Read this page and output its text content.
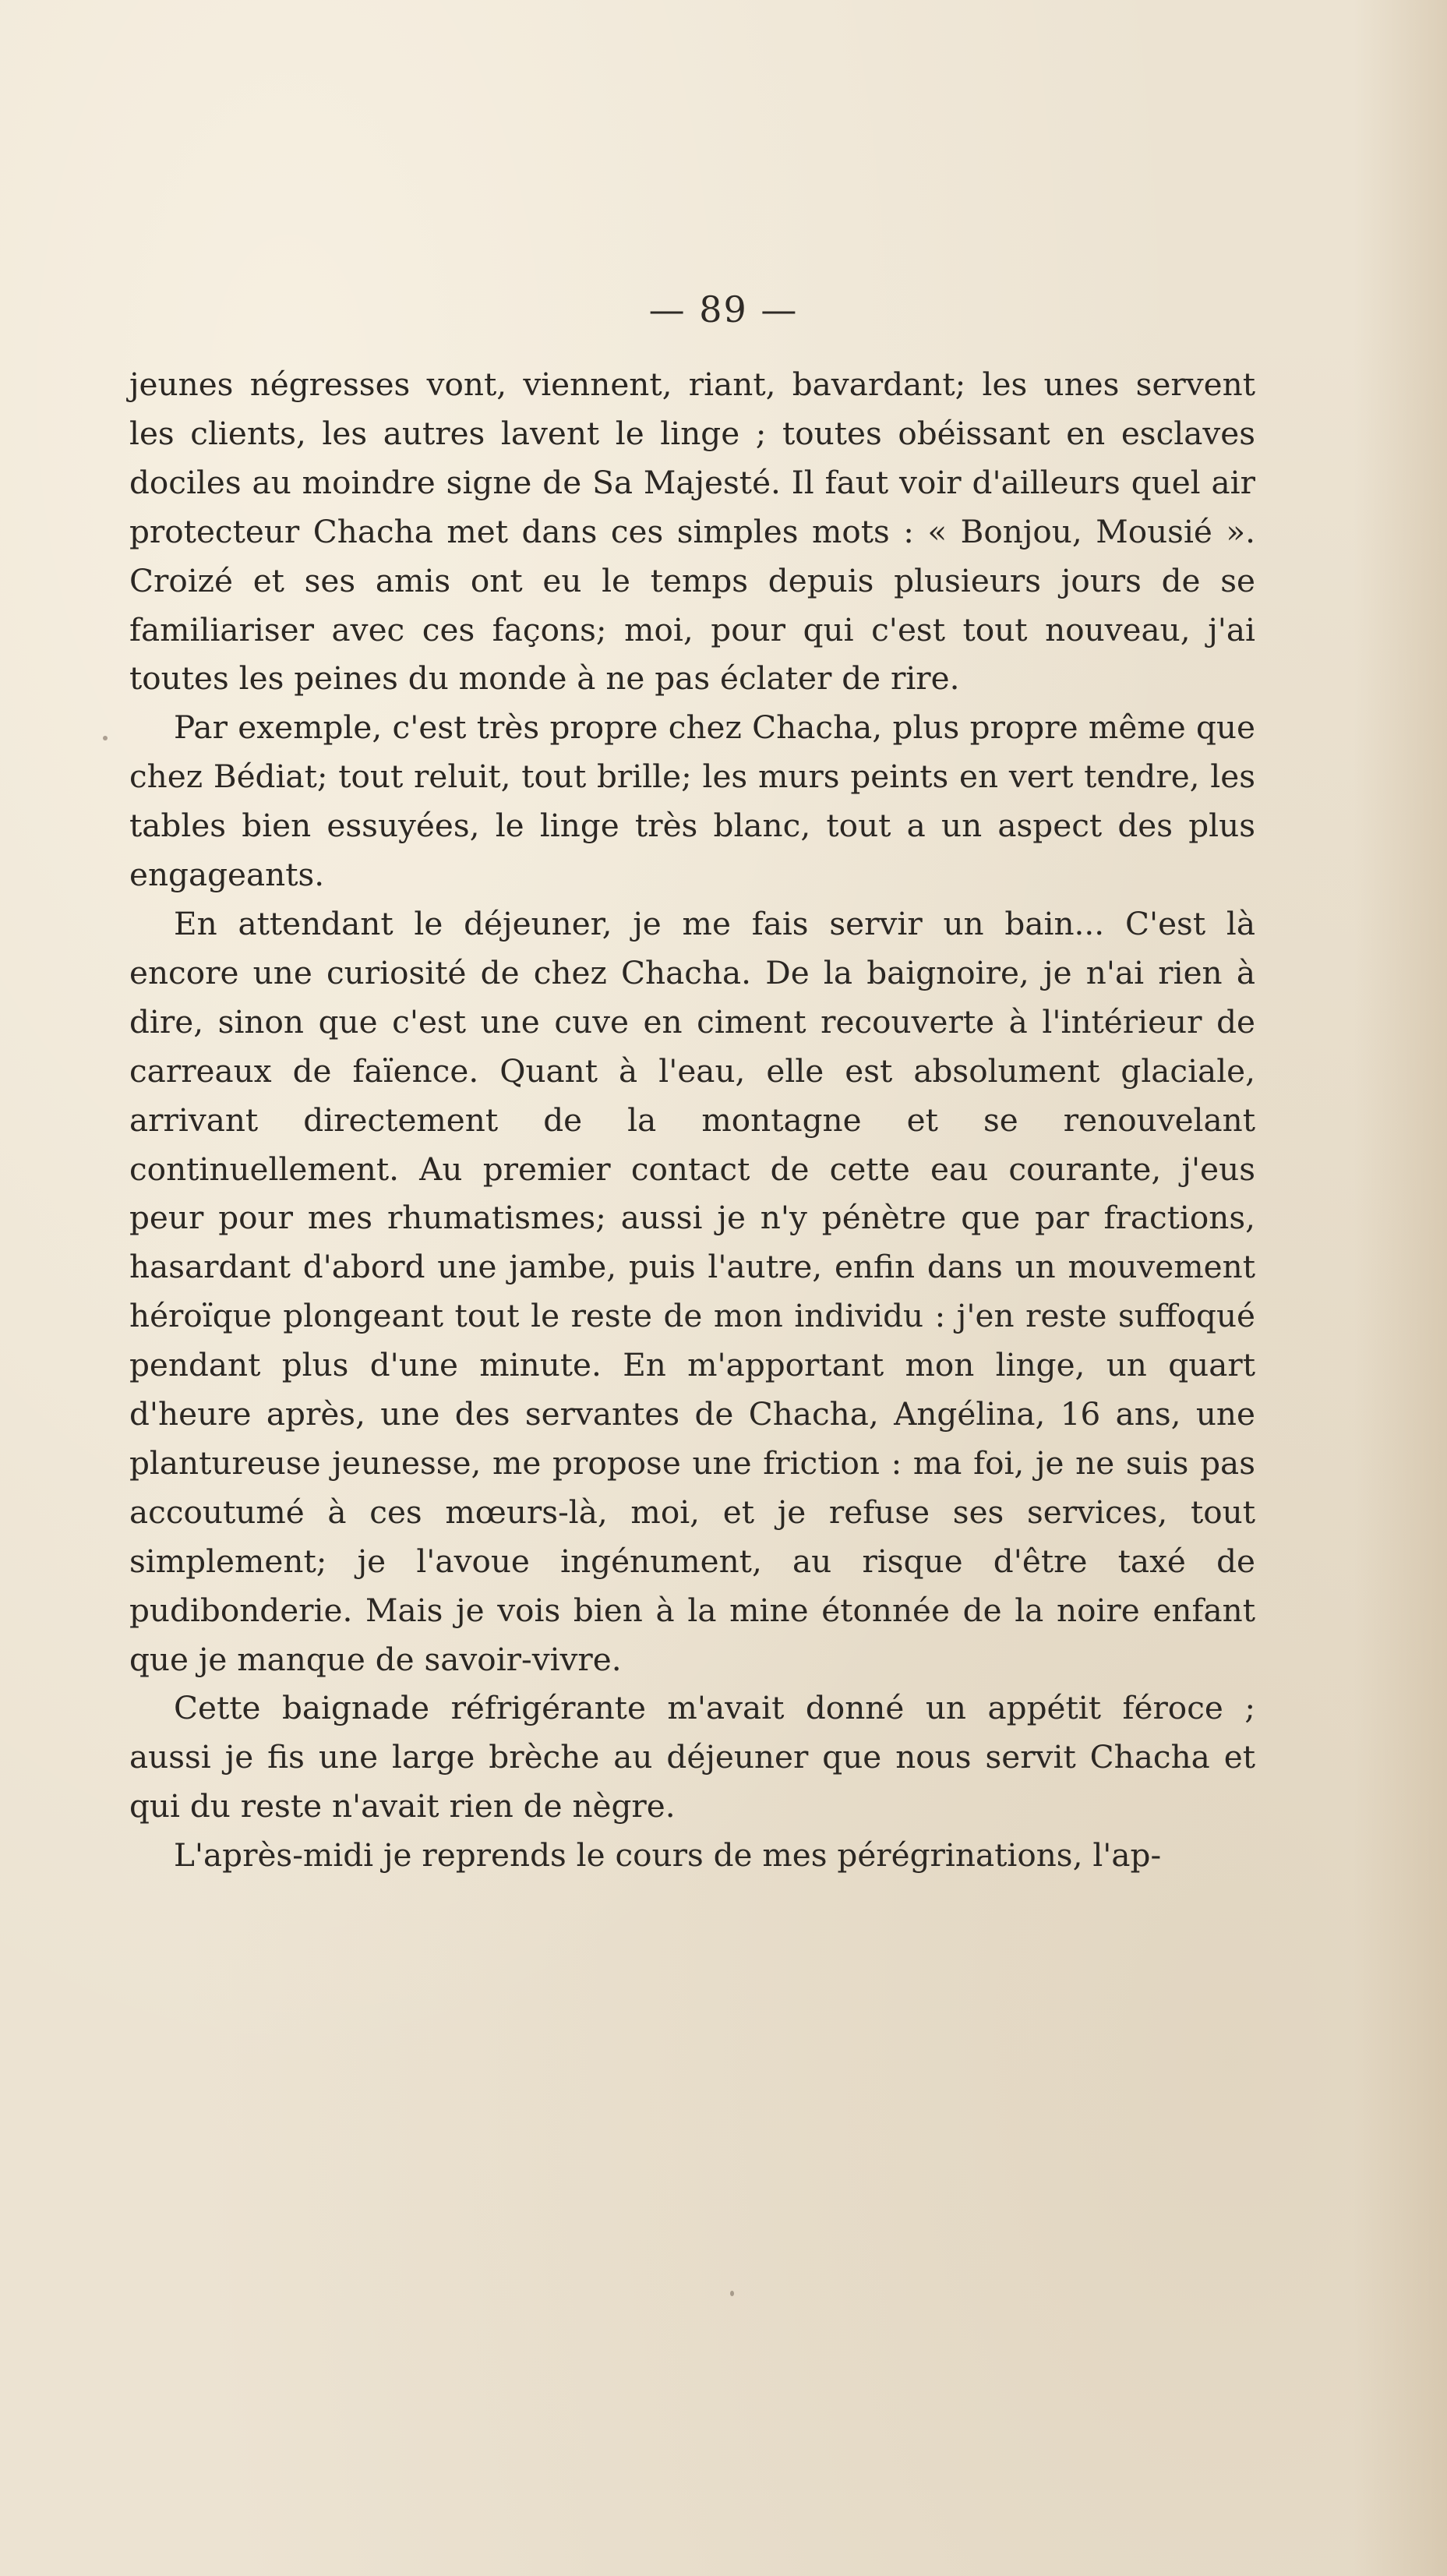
— 89 —

jeunes négresses vont, viennent, riant, bavardant; les unes servent les clients, les autres lavent le linge ; toutes obéissant en esclaves dociles au moindre signe de Sa Majesté. Il faut voir d'ailleurs quel air protecteur Chacha met dans ces simples mots : « Bonjou, Mousié ». Croizé et ses amis ont eu le temps depuis plusieurs jours de se familiariser avec ces façons; moi, pour qui c'est tout nouveau, j'ai toutes les peines du monde à ne pas éclater de rire.

Par exemple, c'est très propre chez Chacha, plus propre même que chez Bédiat; tout reluit, tout brille; les murs peints en vert tendre, les tables bien essuyées, le linge très blanc, tout a un aspect des plus engageants.

En attendant le déjeuner, je me fais servir un bain... C'est là encore une curiosité de chez Chacha. De la baignoire, je n'ai rien à dire, sinon que c'est une cuve en ciment recouverte à l'intérieur de carreaux de faïence. Quant à l'eau, elle est absolument glaciale, arrivant directement de la montagne et se renouvelant continuellement. Au premier contact de cette eau courante, j'eus peur pour mes rhumatismes; aussi je n'y pénètre que par fractions, hasardant d'abord une jambe, puis l'autre, enfin dans un mouvement héroïque plongeant tout le reste de mon individu : j'en reste suffoqué pendant plus d'une minute. En m'apportant mon linge, un quart d'heure après, une des servantes de Chacha, Angélina, 16 ans, une plantureuse jeunesse, me propose une friction : ma foi, je ne suis pas accoutumé à ces mœurs-là, moi, et je refuse ses services, tout simplement; je l'avoue ingénument, au risque d'être taxé de pudibonderie. Mais je vois bien à la mine étonnée de la noire enfant que je manque de savoir-vivre.

Cette baignade réfrigérante m'avait donné un appétit féroce ; aussi je fis une large brèche au déjeuner que nous servit Chacha et qui du reste n'avait rien de nègre.

L'après-midi je reprends le cours de mes pérégrinations, l'ap-
